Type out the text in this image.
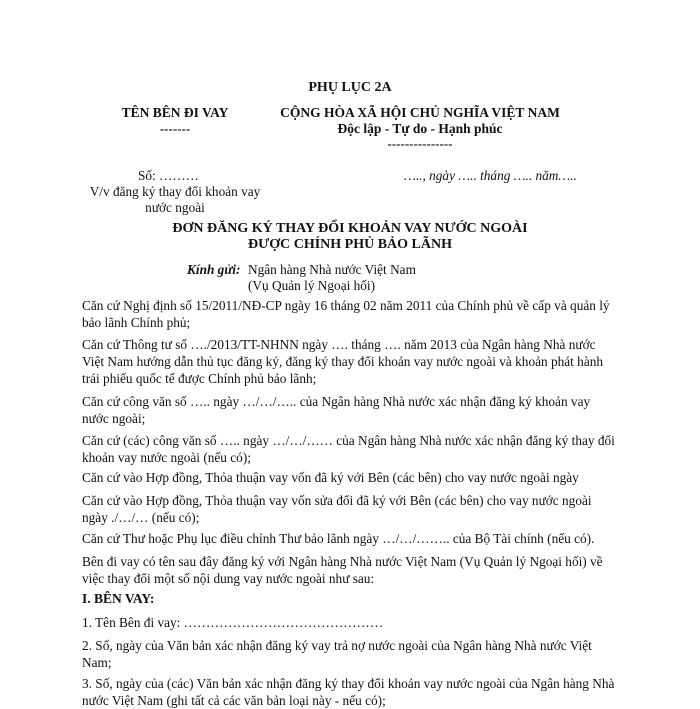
PHỤ LỤC 2A
TÊN BÊN ĐI VAY
-------
CỘNG HÒA XÃ HỘI CHỦ NGHĨA VIỆT NAM
Độc lập - Tự do - Hạnh phúc
---------------
Số: ………
V/v đăng ký thay đổi khoản vay
nước ngoài
….., ngày ….. tháng ….. năm…..
ĐƠN ĐĂNG KÝ THAY ĐỔI KHOẢN VAY NƯỚC NGOÀI
ĐƯỢC CHÍNH PHỦ BẢO LÃNH
Kính gửi: Ngân hàng Nhà nước Việt Nam
(Vụ Quản lý Ngoại hối)
Căn cứ Nghị định số 15/2011/NĐ-CP ngày 16 tháng 02 năm 2011 của Chính phủ về cấp và quản lý bảo lãnh Chính phủ;
Căn cứ Thông tư số …./2013/TT-NHNN ngày …. tháng …. năm 2013 của Ngân hàng Nhà nước Việt Nam hướng dẫn thủ tục đăng ký, đăng ký thay đổi khoản vay nước ngoài và khoản phát hành trái phiếu quốc tế được Chính phủ bảo lãnh;
Căn cứ công văn số ….. ngày …/…/….. của Ngân hàng Nhà nước xác nhận đăng ký khoản vay nước ngoài;
Căn cứ (các) công văn số ….. ngày …/…/…… của Ngân hàng Nhà nước xác nhận đăng ký thay đổi khoản vay nước ngoài (nếu có);
Căn cứ vào Hợp đồng, Thỏa thuận vay vốn đã ký với Bên (các bên) cho vay nước ngoài ngày
Căn cứ vào Hợp đồng, Thỏa thuận vay vốn sửa đổi đã ký với Bên (các bên) cho vay nước ngoài ngày ./…/… (nếu có);
Căn cứ Thư hoặc Phụ lục điều chỉnh Thư bảo lãnh ngày …/…/…….. của Bộ Tài chính (nếu có).
Bên đi vay có tên sau đây đăng ký với Ngân hàng Nhà nước Việt Nam (Vụ Quản lý Ngoại hối) về việc thay đổi một số nội dung vay nước ngoài như sau:
I. BÊN VAY:
1. Tên Bên đi vay: ………………………………………
2. Số, ngày của Văn bản xác nhận đăng ký vay trả nợ nước ngoài của Ngân hàng Nhà nước Việt Nam;
3. Số, ngày của (các) Văn bản xác nhận đăng ký thay đổi khoản vay nước ngoài của Ngân hàng Nhà nước Việt Nam (ghi tất cả các văn bản loại này - nếu có);
